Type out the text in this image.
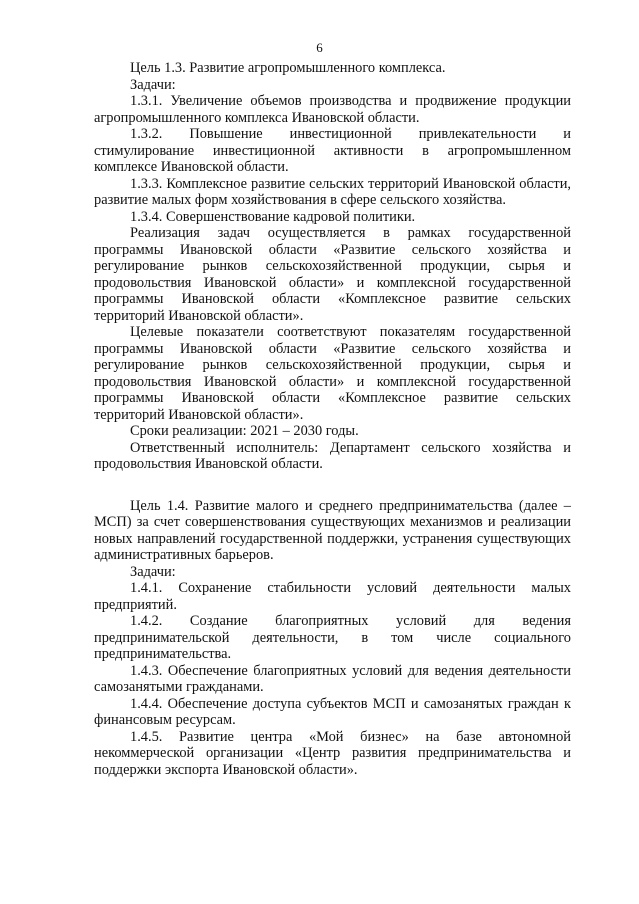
6

Цель 1.3. Развитие агропромышленного комплекса.

Задачи:

1.3.1. Увеличение объемов производства и продвижение продукции агропромышленного комплекса Ивановской области.

1.3.2. Повышение инвестиционной привлекательности и стимулирование инвестиционной активности в агропромышленном комплексе Ивановской области.

1.3.3. Комплексное развитие сельских территорий Ивановской области, развитие малых форм хозяйствования в сфере сельского хозяйства.

1.3.4. Совершенствование кадровой политики.

Реализация задач осуществляется в рамках государственной программы Ивановской области «Развитие сельского хозяйства и регулирование рынков сельскохозяйственной продукции, сырья и продовольствия Ивановской области» и комплексной государственной программы Ивановской области «Комплексное развитие сельских территорий Ивановской области».

Целевые показатели соответствуют показателям государственной программы Ивановской области «Развитие сельского хозяйства и регулирование рынков сельскохозяйственной продукции, сырья и продовольствия Ивановской области» и комплексной государственной программы Ивановской области «Комплексное развитие сельских территорий Ивановской области».

Сроки реализации: 2021 – 2030 годы.

Ответственный исполнитель: Департамент сельского хозяйства и продовольствия Ивановской области.

Цель 1.4. Развитие малого и среднего предпринимательства (далее – МСП) за счет совершенствования существующих механизмов и реализации новых направлений государственной поддержки, устранения существующих административных барьеров.

Задачи:

1.4.1. Сохранение стабильности условий деятельности малых предприятий.

1.4.2. Создание благоприятных условий для ведения предпринимательской деятельности, в том числе социального предпринимательства.

1.4.3. Обеспечение благоприятных условий для ведения деятельности самозанятыми гражданами.

1.4.4. Обеспечение доступа субъектов МСП и самозанятых граждан к финансовым ресурсам.

1.4.5. Развитие центра «Мой бизнес» на базе автономной некоммерческой организации «Центр развития предпринимательства и поддержки экспорта Ивановской области».
